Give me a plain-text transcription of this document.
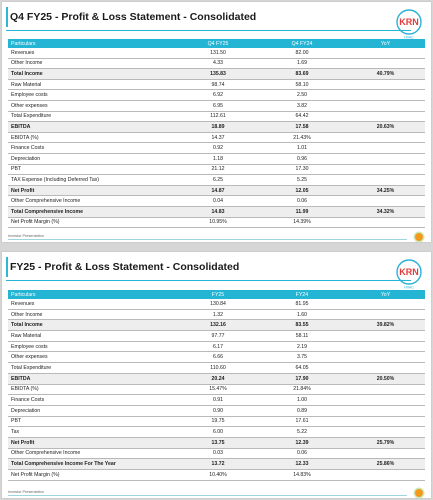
Q4 FY25 - Profit & Loss Statement - Consolidated	KRN
HVAC
Particulars	Q4 FY25	Q4 FY24	YoY
Revenues	131.50	82.00	
Other Income	4.33	1.69	
Total Income	135.83	83.69	40.79%
Raw Material	98.74	58.10	
Employee costs	6.92	2.50	
Other expenses	6.95	3.82	
Total Expenditure	112.61	64.42	
EBITDA	18.89	17.58	20.63%
EBIDTA (%)	14.37	21.43%	
Finance Costs	0.92	1.01	
Depreciation	1.18	0.96	
PBT	21.12	17.30	
TAX Expense (Including Deferred Tax)	6.25	5.25	
Net Profit	14.87	12.05	34.25%
Other Comprehensive Income	0.04	0.06	
Total Comprehensive Income	14.83	11.99	34.32%
Net Profit Margin (%)	10.95%	14.39%	
Investor Presentation
FY25 - Profit & Loss Statement - Consolidated	KRN
HVAC
Particulars	FY25	FY24	YoY
Revenues	130.84	81.95	
Other Income	1.32	1.60	
Total Income	132.16	83.55	39.82%
Raw Material	97.77	58.11	
Employee costs	6.17	2.19	
Other expenses	6.66	3.75	
Total Expenditure	110.60	64.05	
EBITDA	20.24	17.90	20.50%
EBIDTA (%)	15.47%	21.84%	
Finance Costs	0.91	1.00	
Depreciation	0.90	0.89	
PBT	19.75	17.61	
Tax	6.00	5.22	
Net Profit	13.75	12.39	25.79%
Other Comprehensive Income	0.03	0.06	
Total Comprehensive Income For The Year	13.72	12.33	25.86%
Net Profit Margin (%)	10.40%	14.83%	
Investor Presentation
